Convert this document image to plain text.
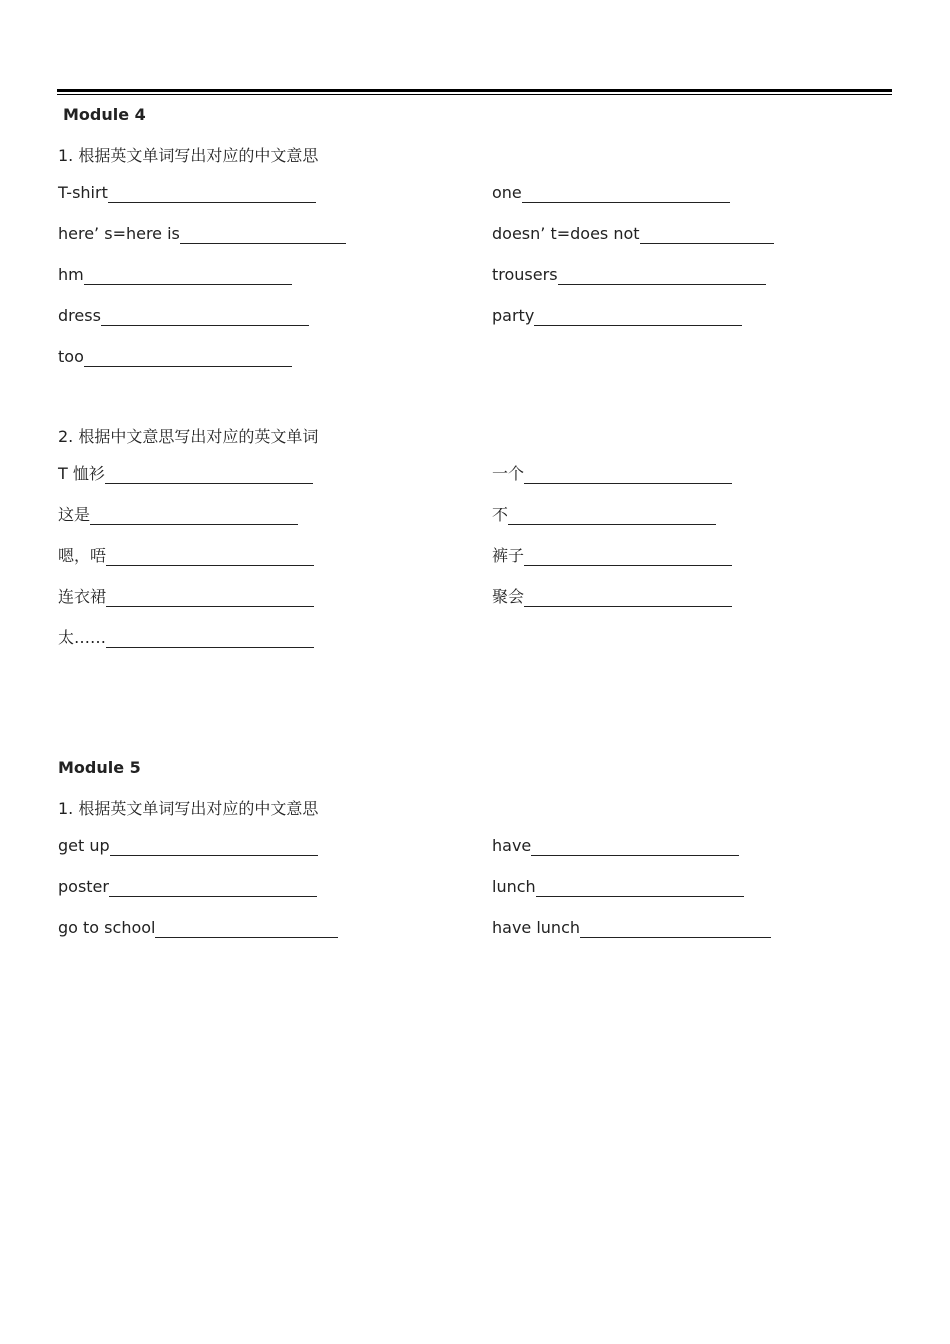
Module 4
1. 根据英文单词写出对应的中文意思
T-shirt	one
here’ s=here is	doesn’ t=does not
hm	trousers
dress	party
too
2. 根据中文意思写出对应的英文单词
T 恤衫	一个
这是	不
嗯，唔	裤子
连衣裙	聚会
太……
Module 5
1. 根据英文单词写出对应的中文意思
get up	have
poster	lunch
go to school	have lunch
